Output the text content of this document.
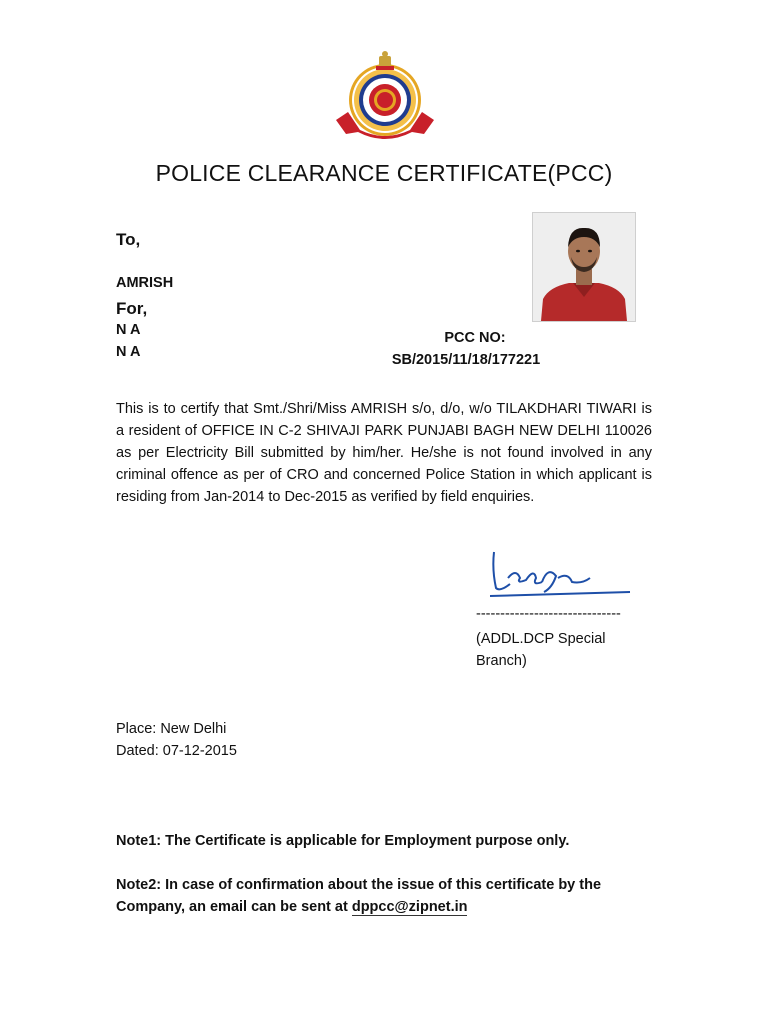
POLICE CLEARANCE CERTIFICATE(PCC)
To,
AMRISH
For,
N A
N A
PCC NO:
SB/2015/11/18/177221
This is to certify that Smt./Shri/Miss AMRISH s/o, d/o, w/o TILAKDHARI TIWARI is a resident of OFFICE IN C-2 SHIVAJI PARK PUNJABI BAGH NEW DELHI 110026 as per Electricity Bill submitted by him/her. He/she is not found involved in any criminal offence as per of CRO and concerned Police Station in which applicant is residing from Jan-2014 to Dec-2015 as verified by field enquiries.
------------------------------
(ADDL.DCP Special Branch)
Place: New Delhi
Dated: 07-12-2015
Note1: The Certificate is applicable for Employment purpose only.
Note2: In case of confirmation about the issue of this certificate by the Company, an email can be sent at dppcc@zipnet.in
